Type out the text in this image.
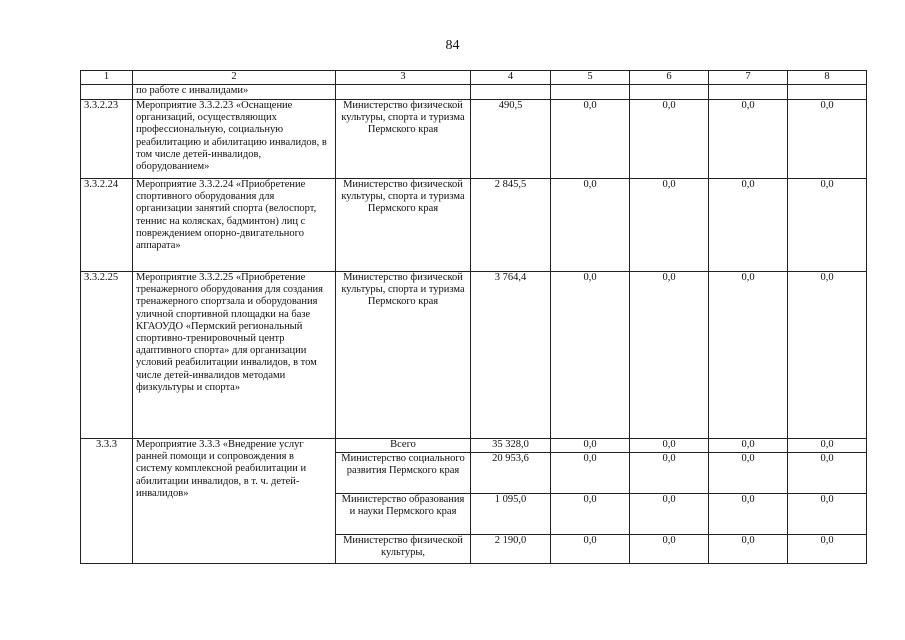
84
1	2	3	4	5	6	7	8
	по работе с инвалидами»						
3.3.2.23	Мероприятие 3.3.2.23 «Оснащение организаций, осуществляющих профессиональную, социальную реабилитацию и абилитацию инвалидов, в том числе детей-инвалидов, оборудованием»	Министерство физической культуры, спорта и туризма Пермского края	490,5	0,0	0,0	0,0	0,0
3.3.2.24	Мероприятие 3.3.2.24 «Приобретение спортивного оборудования для организации занятий спорта (велоспорт, теннис на колясках, бадминтон) лиц с повреждением опорно-двигательного аппарата»	Министерство физической культуры, спорта и туризма Пермского края	2 845,5	0,0	0,0	0,0	0,0
3.3.2.25	Мероприятие 3.3.2.25 «Приобретение тренажерного оборудования для создания тренажерного спортзала и оборудования уличной спортивной площадки на базе КГАОУДО «Пермский региональный спортивно-тренировочный центр адаптивного спорта» для организации условий реабилитации инвалидов, в том числе детей-инвалидов методами физкультуры и спорта»	Министерство физической культуры, спорта и туризма Пермского края	3 764,4	0,0	0,0	0,0	0,0
3.3.3	Мероприятие 3.3.3 «Внедрение услуг ранней помощи и сопровождения в систему комплексной реабилитации и абилитации инвалидов, в т. ч. детей-инвалидов»	Всего	35 328,0	0,0	0,0	0,0	0,0
		Министерство социального развития Пермского края	20 953,6	0,0	0,0	0,0	0,0
		Министерство образования и науки Пермского края	1 095,0	0,0	0,0	0,0	0,0
		Министерство физической культуры,	2 190,0	0,0	0,0	0,0	0,0
